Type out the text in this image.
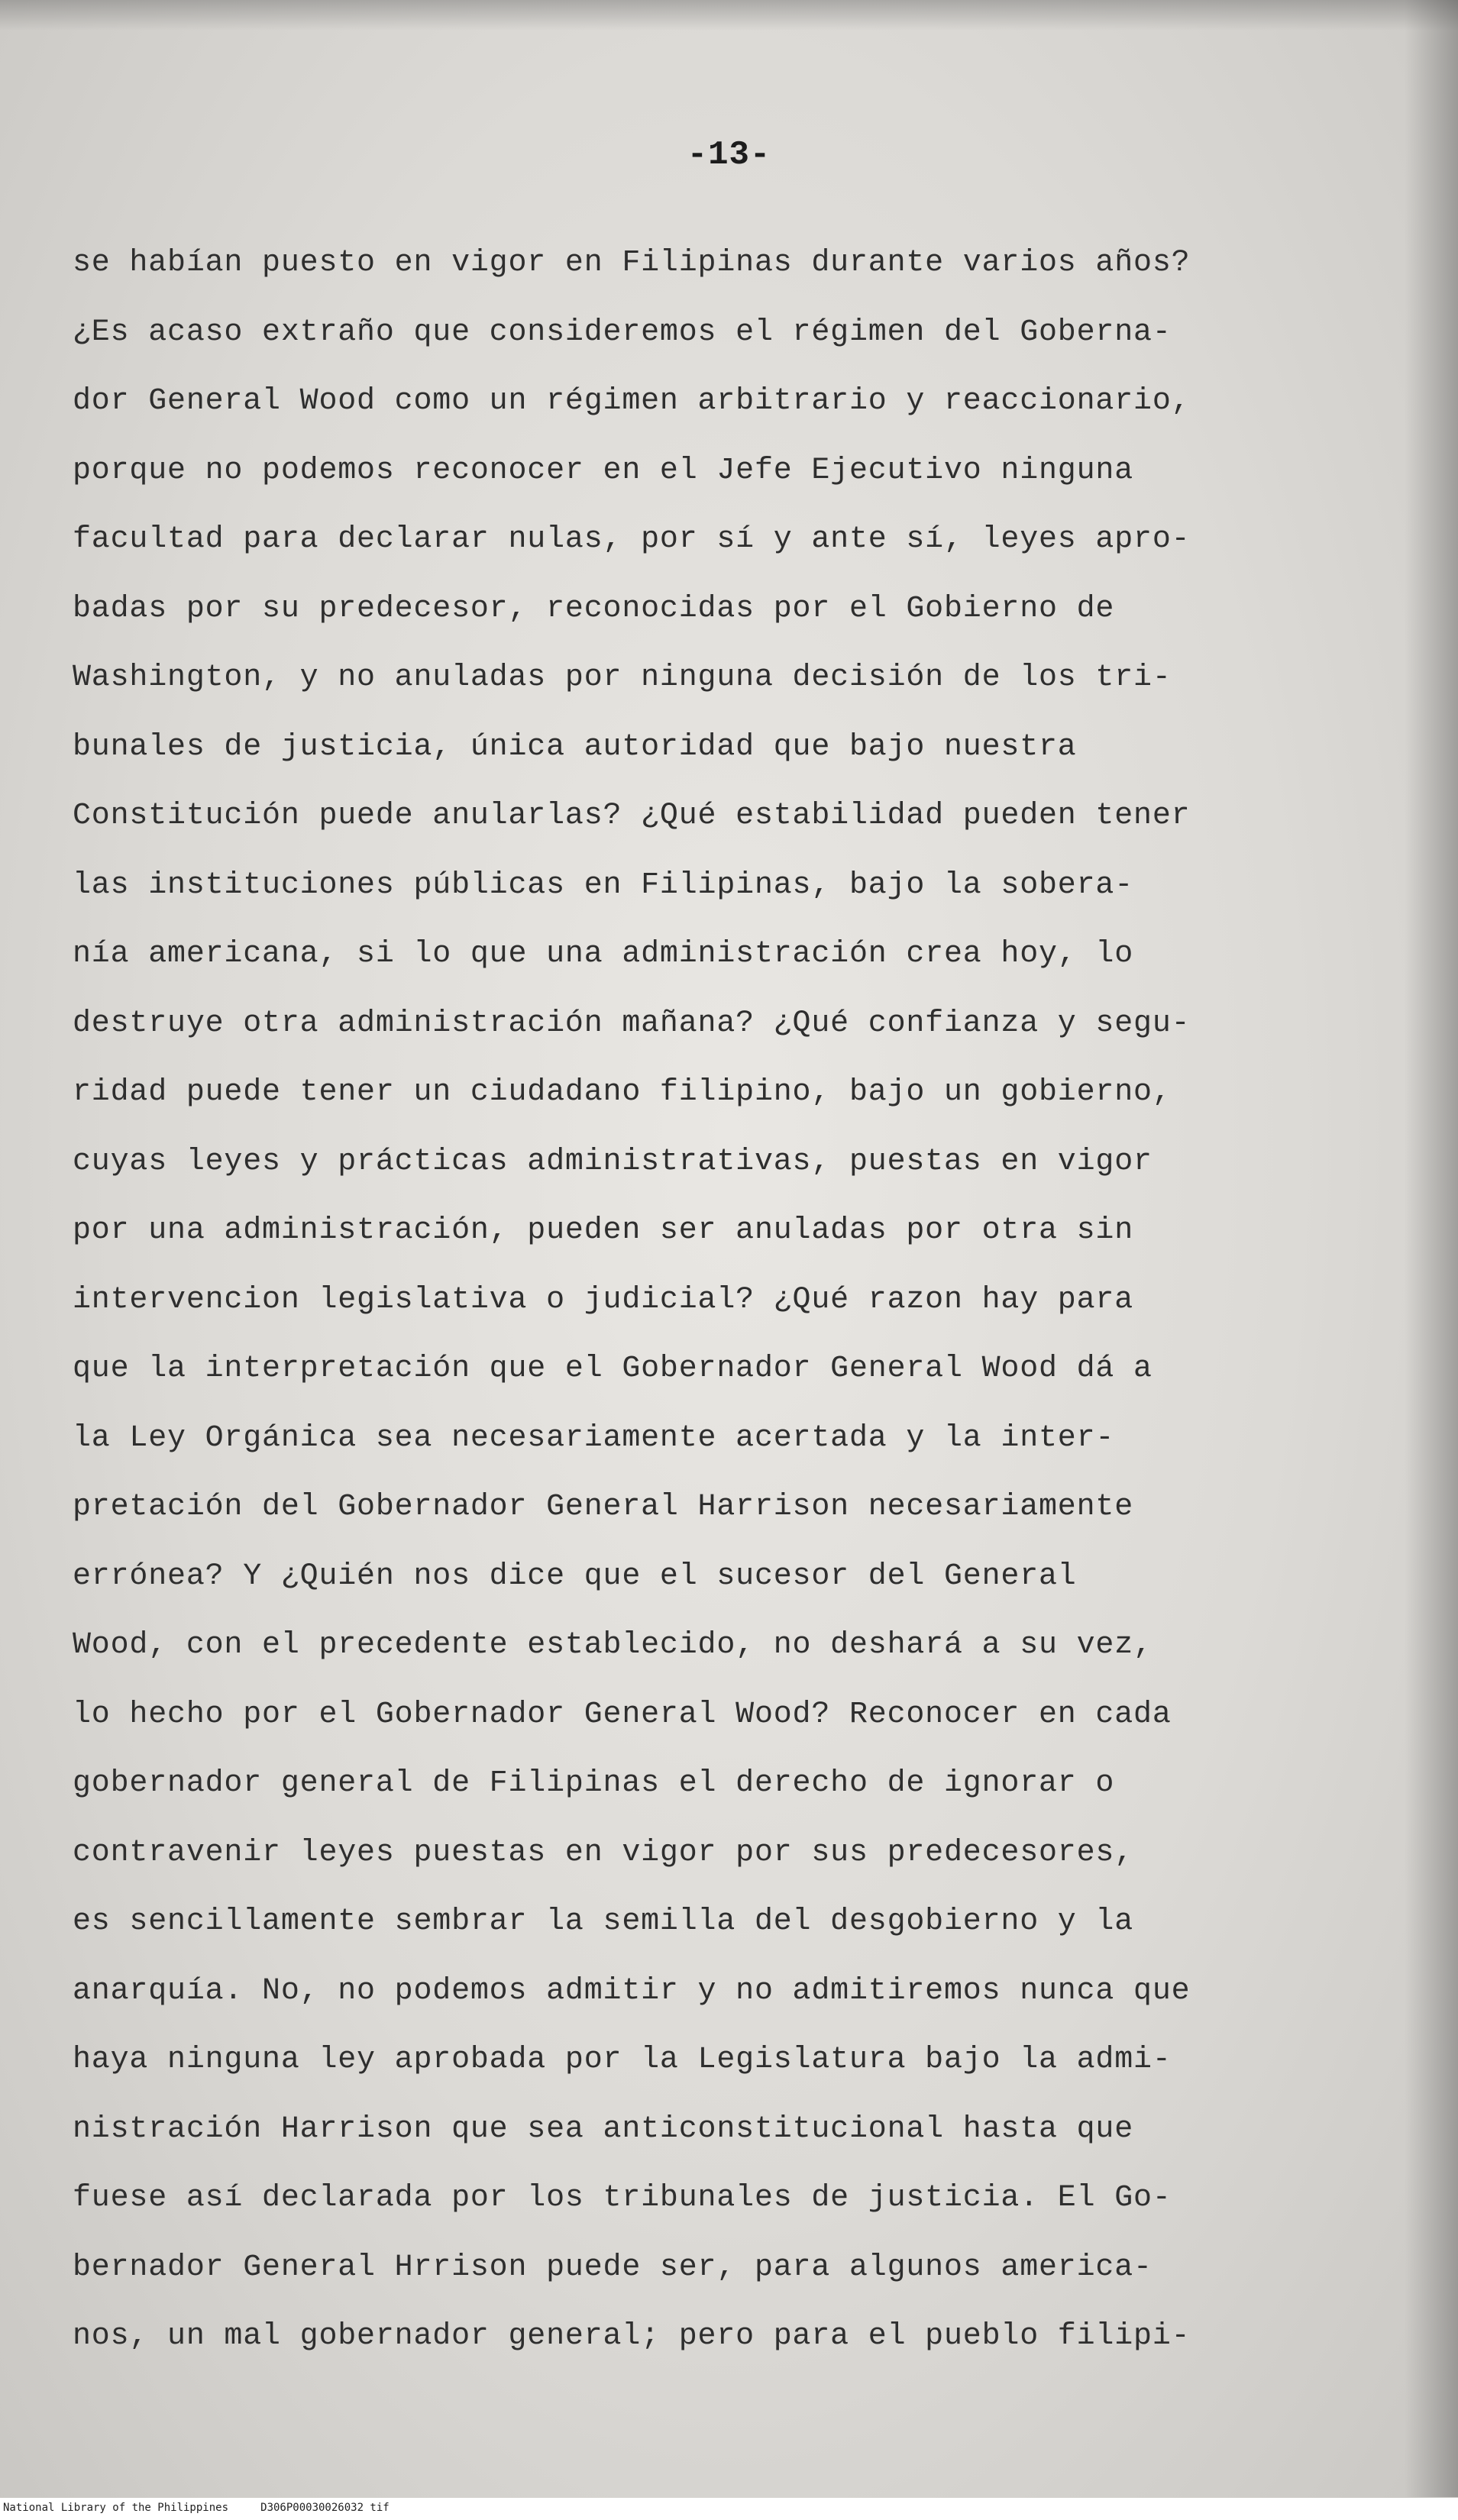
-13-
se habían puesto en vigor en Filipinas durante varios años?
¿Es acaso extraño que consideremos el régimen del Goberna-
dor General Wood como un régimen arbitrario y reaccionario,
porque no podemos reconocer en el Jefe Ejecutivo ninguna
facultad para declarar nulas, por sí y ante sí, leyes apro-
badas por su predecesor, reconocidas por el Gobierno de
Washington, y no anuladas por ninguna decisión de los tri-
bunales de justicia, única autoridad que bajo nuestra
Constitución puede anularlas? ¿Qué estabilidad pueden tener
las instituciones públicas en Filipinas, bajo la sobera-
nía americana, si lo que una administración crea hoy, lo
destruye otra administración mañana? ¿Qué confianza y segu-
ridad puede tener un ciudadano filipino, bajo un gobierno,
cuyas leyes y prácticas administrativas, puestas en vigor
por una administración, pueden ser anuladas por otra sin
intervencion legislativa o judicial? ¿Qué razon hay para
que la interpretación que el Gobernador General Wood dá a
la Ley Orgánica sea necesariamente acertada y la inter-
pretación del Gobernador General Harrison necesariamente
errónea? Y ¿Quién nos dice que el sucesor del General
Wood, con el precedente establecido, no deshará a su vez,
lo hecho por el Gobernador General Wood? Reconocer en cada
gobernador general de Filipinas el derecho de ignorar o
contravenir leyes puestas en vigor por sus predecesores,
es sencillamente sembrar la semilla del desgobierno y la
anarquía. No, no podemos admitir y no admitiremos nunca que
haya ninguna ley aprobada por la Legislatura bajo la admi-
nistración Harrison que sea anticonstitucional hasta que
fuese así declarada por los tribunales de justicia. El Go-
bernador General Hrrison puede ser, para algunos america-
nos, un mal gobernador general; pero para el pueblo filipi-
National Library of the Philippines     D306P00030026032 tif
